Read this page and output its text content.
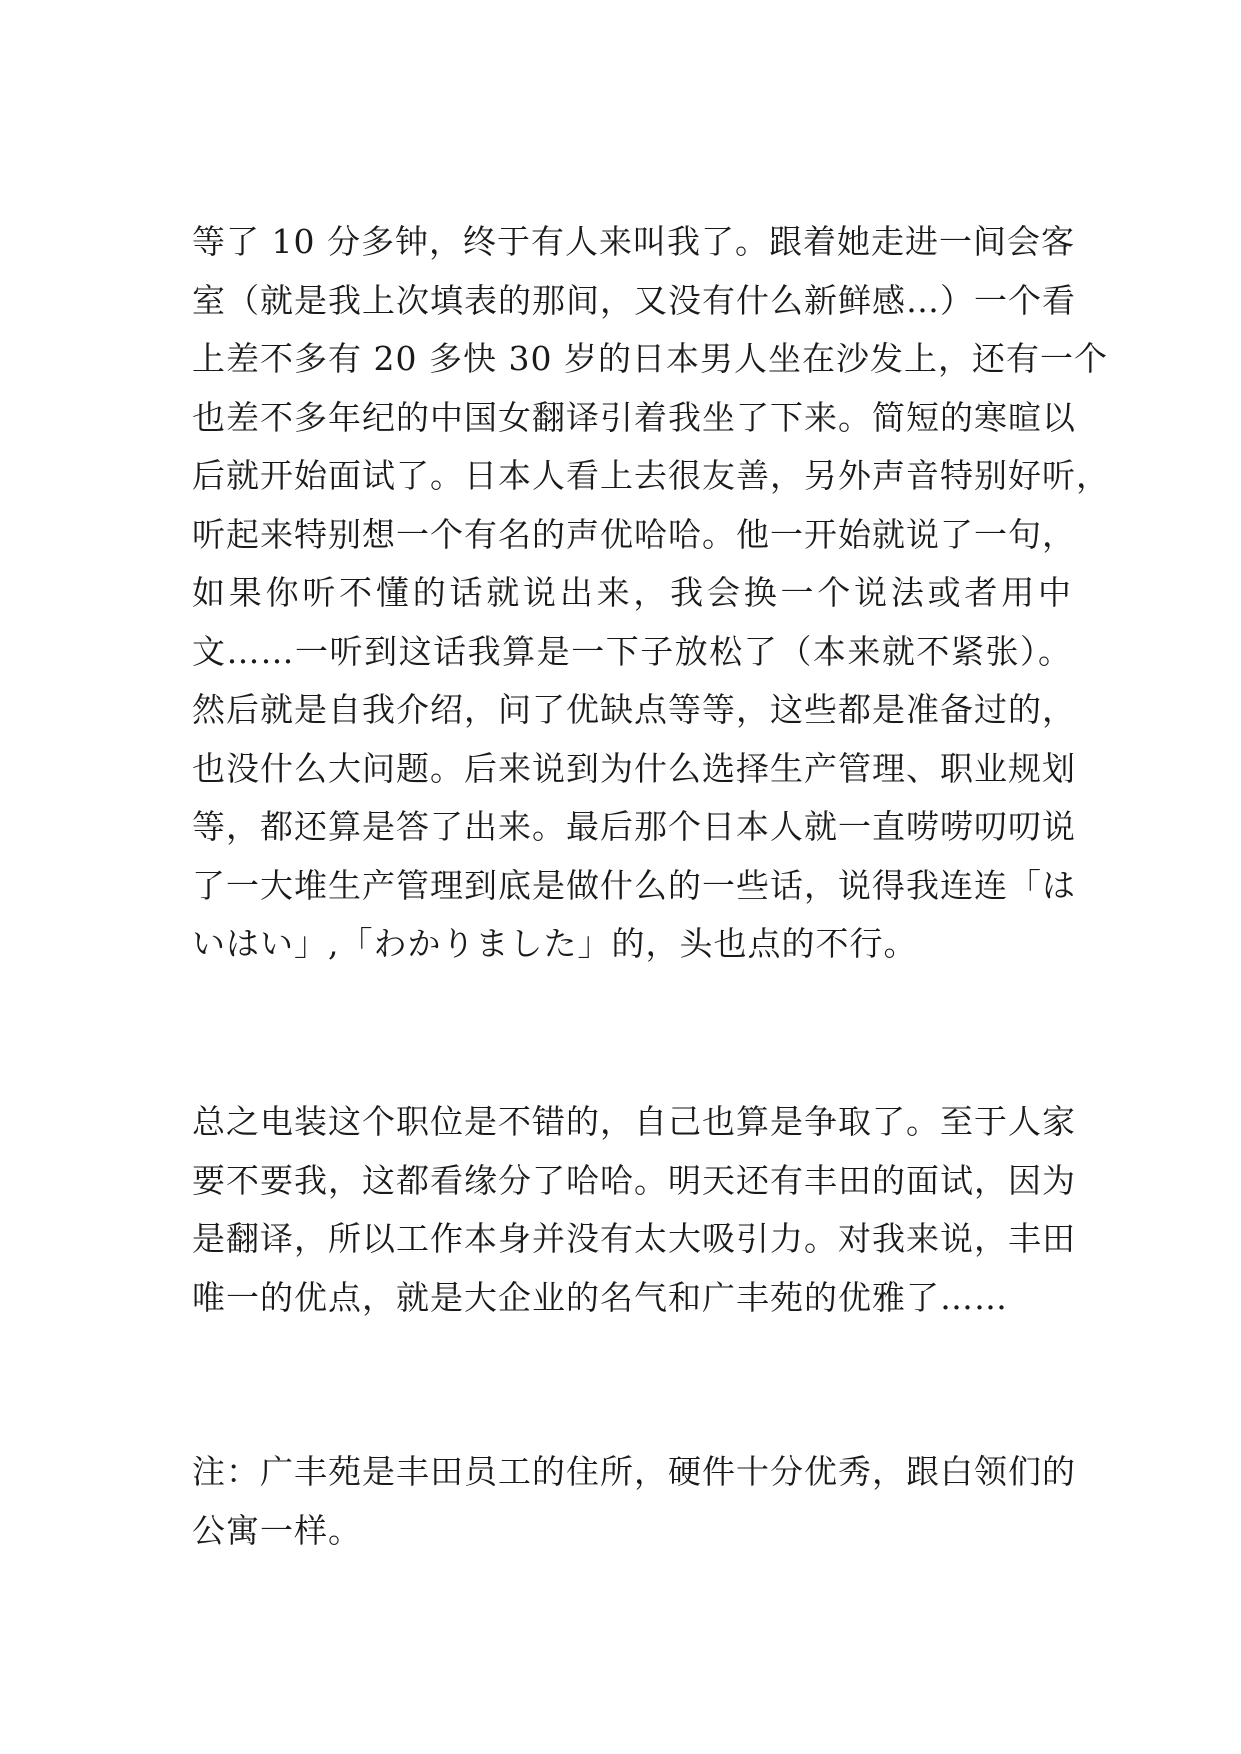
等了 10 分多钟，终于有人来叫我了。跟着她走进一间会客
室（就是我上次填表的那间，又没有什么新鲜感…）一个看
上差不多有 20 多快 30 岁的日本男人坐在沙发上，还有一个
也差不多年纪的中国女翻译引着我坐了下来。简短的寒暄以
后就开始面试了。日本人看上去很友善，另外声音特别好听，
听起来特别想一个有名的声优哈哈。他一开始就说了一句，
如果你听不懂的话就说出来，我会换一个说法或者用中
文……一听到这话我算是一下子放松了（本来就不紧张）。
然后就是自我介绍，问了优缺点等等，这些都是准备过的，
也没什么大问题。后来说到为什么选择生产管理、职业规划
等，都还算是答了出来。最后那个日本人就一直唠唠叨叨说
了一大堆生产管理到底是做什么的一些话，说得我连连「は
いはい」,「わかりました」的，头也点的不行。
总之电装这个职位是不错的，自己也算是争取了。至于人家
要不要我，这都看缘分了哈哈。明天还有丰田的面试，因为
是翻译，所以工作本身并没有太大吸引力。对我来说，丰田
唯一的优点，就是大企业的名气和广丰苑的优雅了……
注：广丰苑是丰田员工的住所，硬件十分优秀，跟白领们的
公寓一样。
